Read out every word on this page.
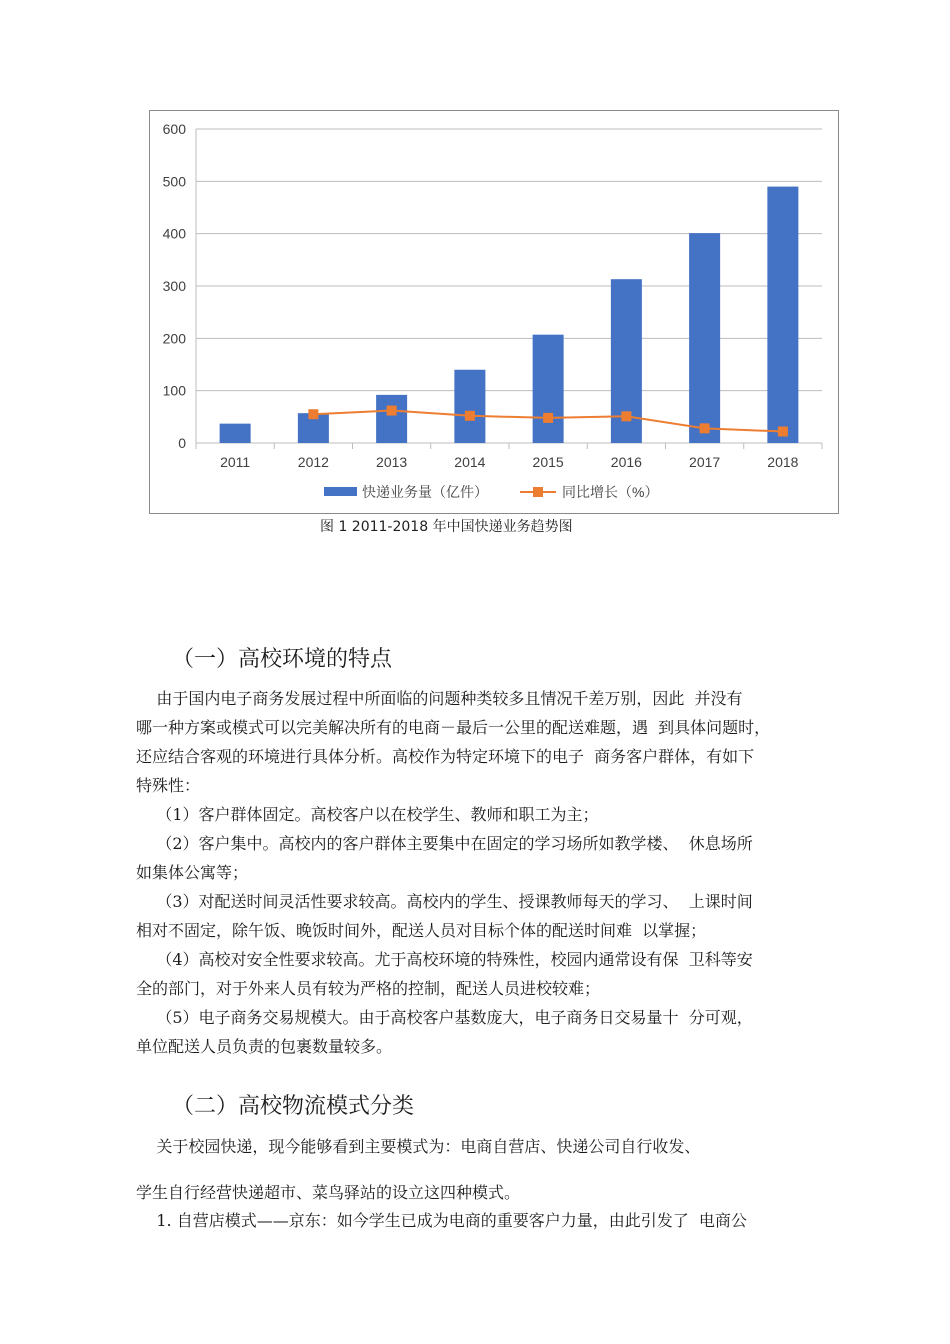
0
100
200
300
400
500
600
2011	2012	2013	2014	2015	2016	2017	2018
快递业务量（亿件）	同比增长（%）
图 1 2011-2018 年中国快递业务趋势图
（一）高校环境的特点
由于国内电子商务发展过程中所面临的问题种类较多且情况千差万别，因此  并没有
哪一种方案或模式可以完美解决所有的电商－最后一公里的配送难题，遇  到具体问题时，
还应结合客观的环境进行具体分析。高校作为特定环境下的电子  商务客户群体，有如下
特殊性：
（1）客户群体固定。高校客户以在校学生、教师和职工为主；
（2）客户集中。高校内的客户群体主要集中在固定的学习场所如教学楼、  休息场所
如集体公寓等；
（3）对配送时间灵活性要求较高。高校内的学生、授课教师每天的学习、  上课时间
相对不固定，除午饭、晚饭时间外，配送人员对目标个体的配送时间难  以掌握；
（4）高校对安全性要求较高。尤于高校环境的特殊性，校园内通常设有保  卫科等安
全的部门，对于外来人员有较为严格的控制，配送人员进校较难；
（5）电子商务交易规模大。由于高校客户基数庞大，电子商务日交易量十  分可观，
单位配送人员负责的包裹数量较多。
（二）高校物流模式分类
关于校园快递，现今能够看到主要模式为：电商自营店、快递公司自行收发、
学生自行经营快递超市、菜鸟驿站的设立这四种模式。
1. 自营店模式——京东：如今学生已成为电商的重要客户力量，由此引发了  电商公
